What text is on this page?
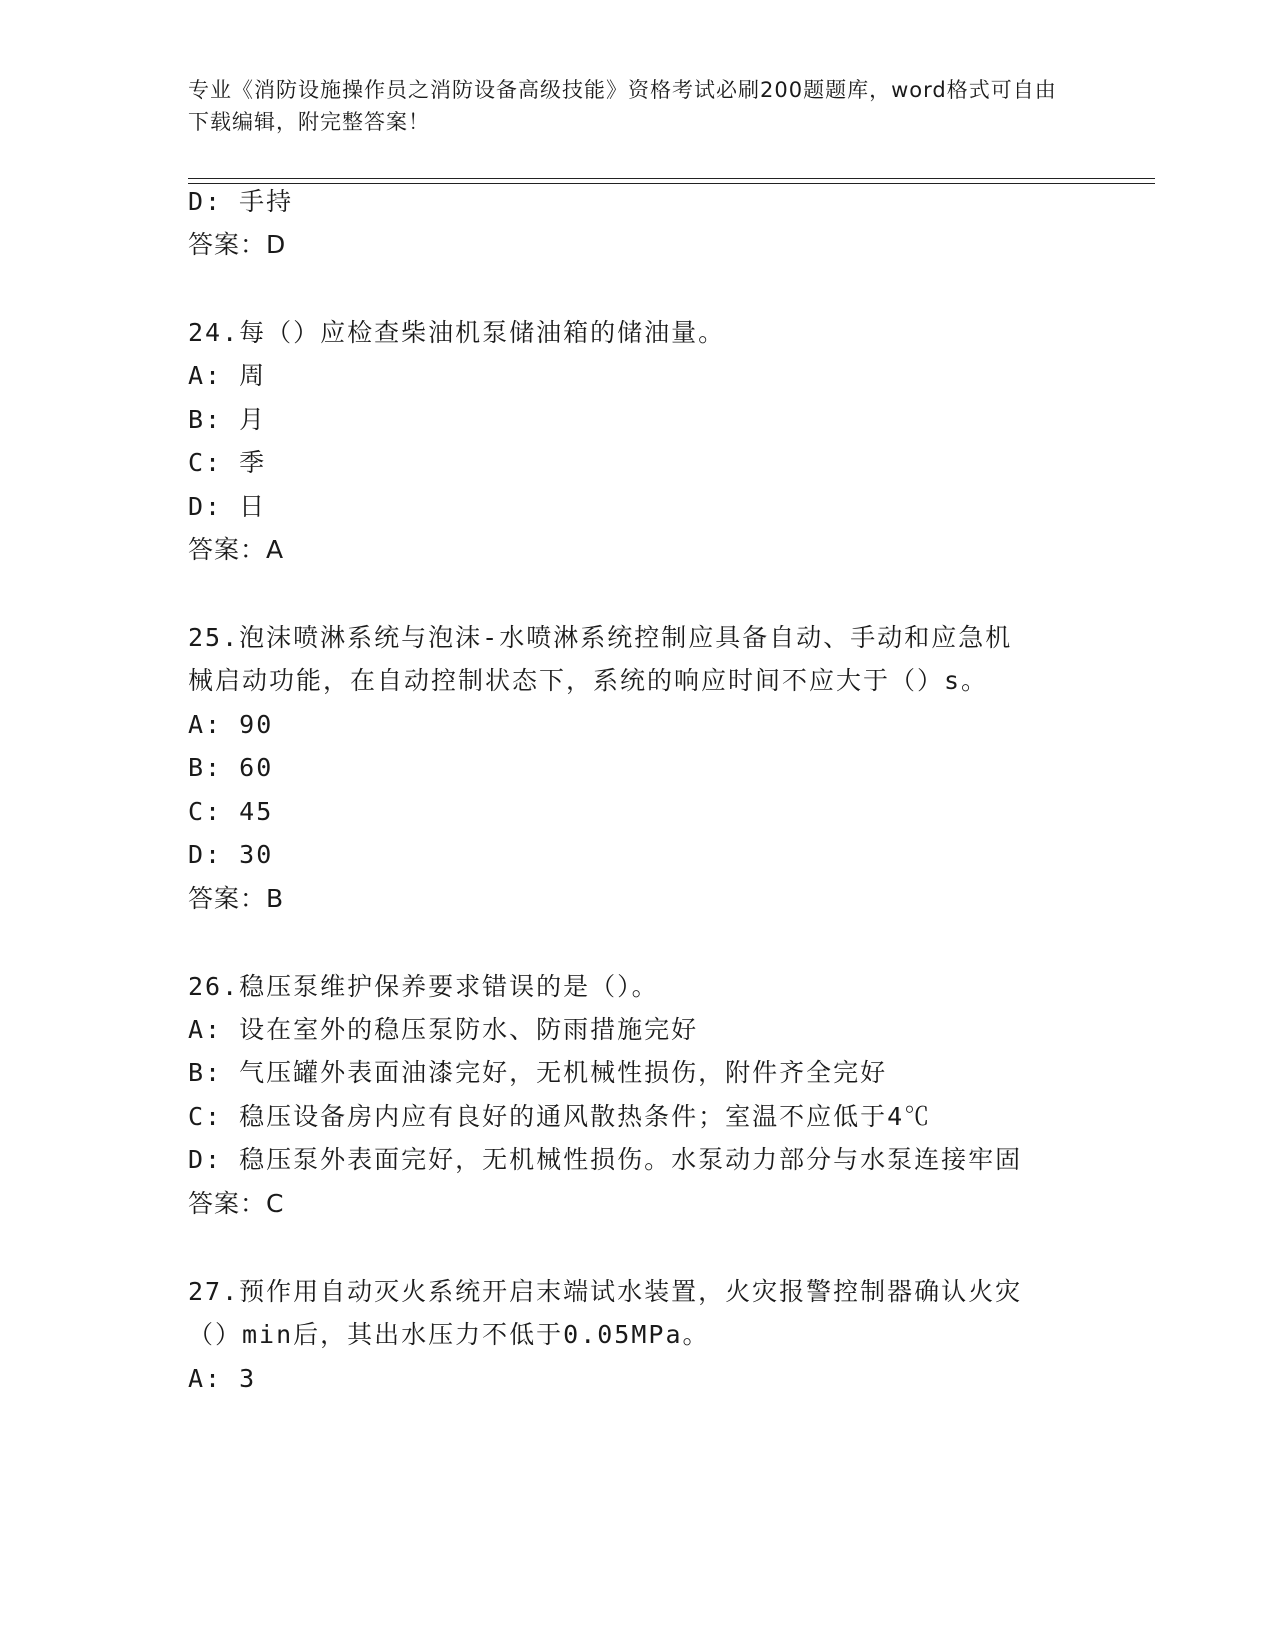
专业《消防设施操作员之消防设备高级技能》资格考试必刷200题题库，word格式可自由下载编辑，附完整答案！
D: 手持
答案：D
24.每（）应检查柴油机泵储油箱的储油量。
A: 周
B: 月
C: 季
D: 日
答案：A
25.泡沫喷淋系统与泡沫-水喷淋系统控制应具备自动、手动和应急机
械启动功能，在自动控制状态下，系统的响应时间不应大于（）s。
A: 90
B: 60
C: 45
D: 30
答案：B
26.稳压泵维护保养要求错误的是（）。
A: 设在室外的稳压泵防水、防雨措施完好
B: 气压罐外表面油漆完好，无机械性损伤，附件齐全完好
C: 稳压设备房内应有良好的通风散热条件；室温不应低于4℃
D: 稳压泵外表面完好，无机械性损伤。水泵动力部分与水泵连接牢固
答案：C
27.预作用自动灭火系统开启末端试水装置，火灾报警控制器确认火灾
（）min后，其出水压力不低于0.05MPa。
A: 3
